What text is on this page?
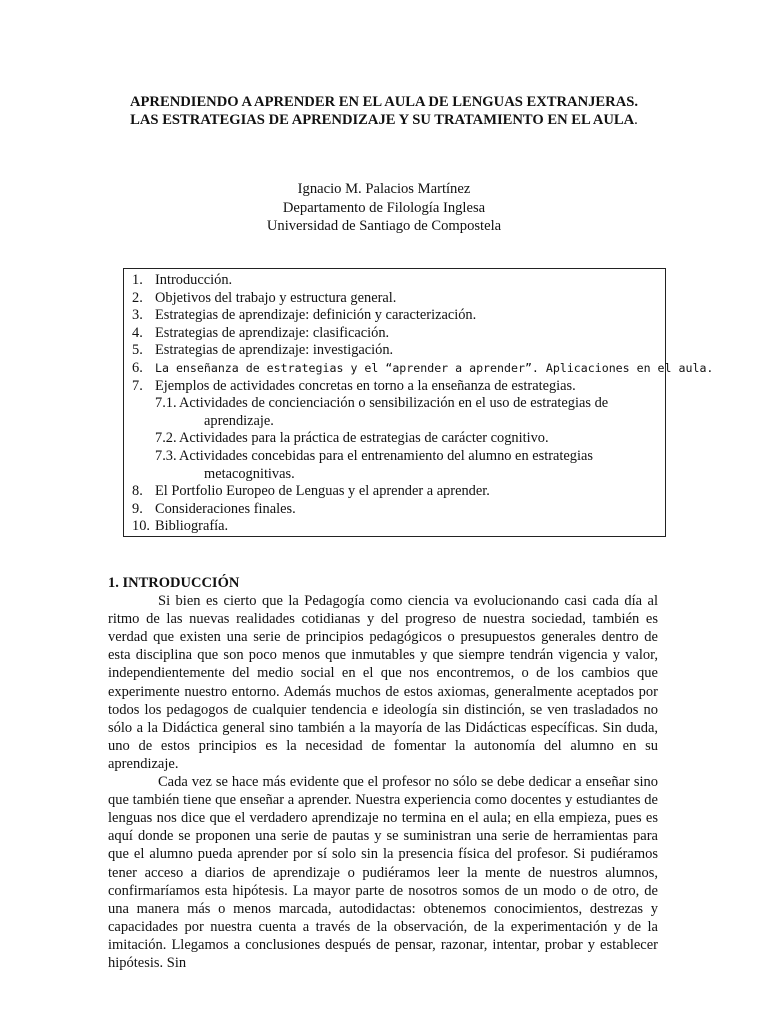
APRENDIENDO A APRENDER EN EL AULA DE LENGUAS EXTRANJERAS.
LAS ESTRATEGIAS DE APRENDIZAJE Y SU TRATAMIENTO EN EL AULA.
Ignacio M. Palacios Martínez
Departamento de Filología Inglesa
Universidad de Santiago de Compostela
1. Introducción.
2. Objetivos del trabajo y estructura general.
3. Estrategias de aprendizaje: definición y caracterización.
4. Estrategias de aprendizaje: clasificación.
5. Estrategias de aprendizaje: investigación.
6. La enseñanza de estrategias y el “aprender a aprender”. Aplicaciones en el aula.
7. Ejemplos de actividades concretas en torno a la enseñanza de estrategias.
7.1. Actividades de concienciación o sensibilización en el uso de estrategias de
aprendizaje.
7.2. Actividades para la práctica de estrategias de carácter cognitivo.
7.3. Actividades concebidas para el entrenamiento del alumno en estrategias
metacognitivas.
8. El Portfolio Europeo de Lenguas y el aprender a aprender.
9. Consideraciones finales.
10. Bibliografía.
1. INTRODUCCIÓN

Si bien es cierto que la Pedagogía como ciencia va evolucionando casi cada día al ritmo de las nuevas realidades cotidianas y del progreso de nuestra sociedad, también es verdad que existen una serie de principios pedagógicos o presupuestos generales dentro de esta disciplina que son poco menos que inmutables y que siempre tendrán vigencia y valor, independientemente del medio social en el que nos encontremos, o de los cambios que experimente nuestro entorno. Además muchos de estos axiomas, generalmente aceptados por todos los pedagogos de cualquier tendencia e ideología sin distinción, se ven trasladados no sólo a la Didáctica general sino también a la mayoría de las Didácticas específicas. Sin duda, uno de estos principios es la necesidad de fomentar la autonomía del alumno en su aprendizaje.

Cada vez se hace más evidente que el profesor no sólo se debe dedicar a enseñar sino que también tiene que enseñar a aprender. Nuestra experiencia como docentes y estudiantes de lenguas nos dice que el verdadero aprendizaje no termina en el aula; en ella empieza, pues es aquí donde se proponen una serie de pautas y se suministran una serie de herramientas para que el alumno pueda aprender por sí solo sin la presencia física del profesor. Si pudiéramos tener acceso a diarios de aprendizaje o pudiéramos leer la mente de nuestros alumnos, confirmaríamos esta hipótesis. La mayor parte de nosotros somos de un modo o de otro, de una manera más o menos marcada, autodidactas: obtenemos conocimientos, destrezas y capacidades por nuestra cuenta a través de la observación, de la experimentación y de la imitación. Llegamos a conclusiones después de pensar, razonar, intentar, probar y establecer hipótesis. Sin
